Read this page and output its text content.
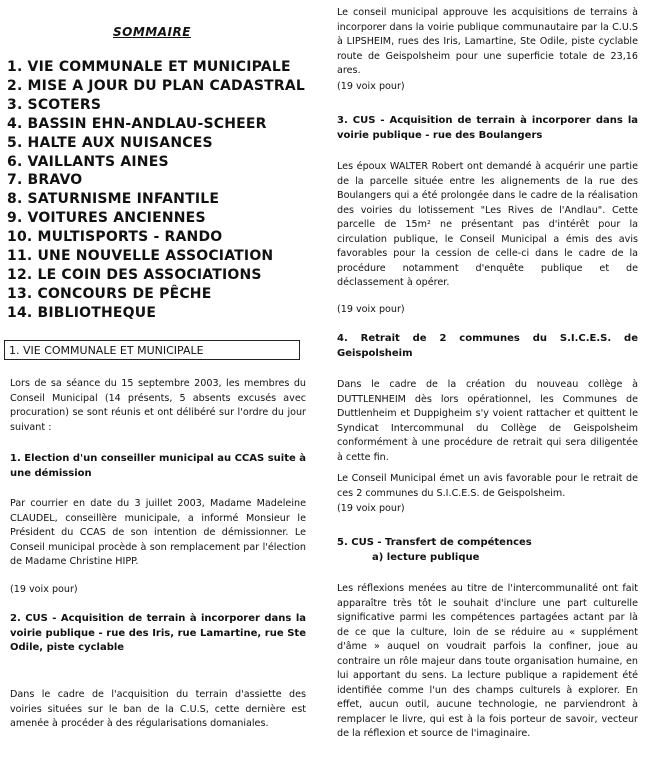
SOMMAIRE
1. VIE COMMUNALE ET MUNICIPALE
2. MISE A JOUR DU PLAN CADASTRAL
3. SCOTERS
4. BASSIN EHN-ANDLAU-SCHEER
5. HALTE AUX NUISANCES
6. VAILLANTS AINES
7. BRAVO
8. SATURNISME INFANTILE
9. VOITURES ANCIENNES
10. MULTISPORTS - RANDO
11. UNE NOUVELLE ASSOCIATION
12. LE COIN DES ASSOCIATIONS
13. CONCOURS DE PÊCHE
14. BIBLIOTHEQUE
1. VIE COMMUNALE ET MUNICIPALE

Lors de sa séance du 15 septembre 2003, les membres du Conseil Municipal (14 présents, 5 absents excusés avec procuration) se sont réunis et ont délibéré sur l'ordre du jour suivant :

1. Election d'un conseiller municipal au CCAS suite à une démission

Par courrier en date du 3 juillet 2003, Madame Madeleine CLAUDEL, conseillère municipale, a informé Monsieur le Président du CCAS de son intention de démissionner. Le Conseil municipal procède à son remplacement par l'élection de Madame Christine HIPP.

(19 voix pour)

2. CUS - Acquisition de terrain à incorporer dans la voirie publique - rue des Iris, rue Lamartine, rue Ste Odile, piste cyclable

Dans le cadre de l'acquisition du terrain d'assiette des voiries situées sur le ban de la C.U.S, cette dernière est amenée à procéder à des régularisations domaniales.

Le conseil municipal approuve les acquisitions de terrains à incorporer dans la voirie publique communautaire par la C.U.S à LIPSHEIM, rues des Iris, Lamartine, Ste Odile, piste cyclable route de Geispolsheim pour une superficie totale de 23,16 ares.

(19 voix pour)

3. CUS - Acquisition de terrain à incorporer dans la voirie publique - rue des Boulangers

Les époux WALTER Robert ont demandé à acquérir une partie de la parcelle située entre les alignements de la rue des Boulangers qui a été prolongée dans le cadre de la réalisation des voiries du lotissement "Les Rives de l'Andlau". Cette parcelle de 15m² ne présentant pas d'intérêt pour la circulation publique, le Conseil Municipal a émis des avis favorables pour la cession de celle-ci dans le cadre de la procédure notamment d'enquête publique et de déclassement à opérer.

(19 voix pour)

4. Retrait de 2 communes du S.I.C.E.S. de Geispolsheim

Dans le cadre de la création du nouveau collège à DUTTLENHEIM dès lors opérationnel, les Communes de Duttlenheim et Duppigheim s'y voient rattacher et quittent le Syndicat Intercommunal du Collège de Geispolsheim conformément à une procédure de retrait qui sera diligentée à cette fin.

Le Conseil Municipal émet un avis favorable pour le retrait de ces 2 communes du S.I.C.E.S. de Geispolsheim.

(19 voix pour)

5. CUS - Transfert de compétences
a) lecture publique

Les réflexions menées au titre de l'intercommunalité ont fait apparaître très tôt le souhait d'inclure une part culturelle significative parmi les compétences partagées actant par là de ce que la culture, loin de se réduire au « supplément d'âme » auquel on voudrait parfois la confiner, joue au contraire un rôle majeur dans toute organisation humaine, en lui apportant du sens. La lecture publique a rapidement été identifiée comme l'un des champs culturels à explorer. En effet, aucun outil, aucune technologie, ne parviendront à remplacer le livre, qui est à la fois porteur de savoir, vecteur de la réflexion et source de l'imaginaire.
